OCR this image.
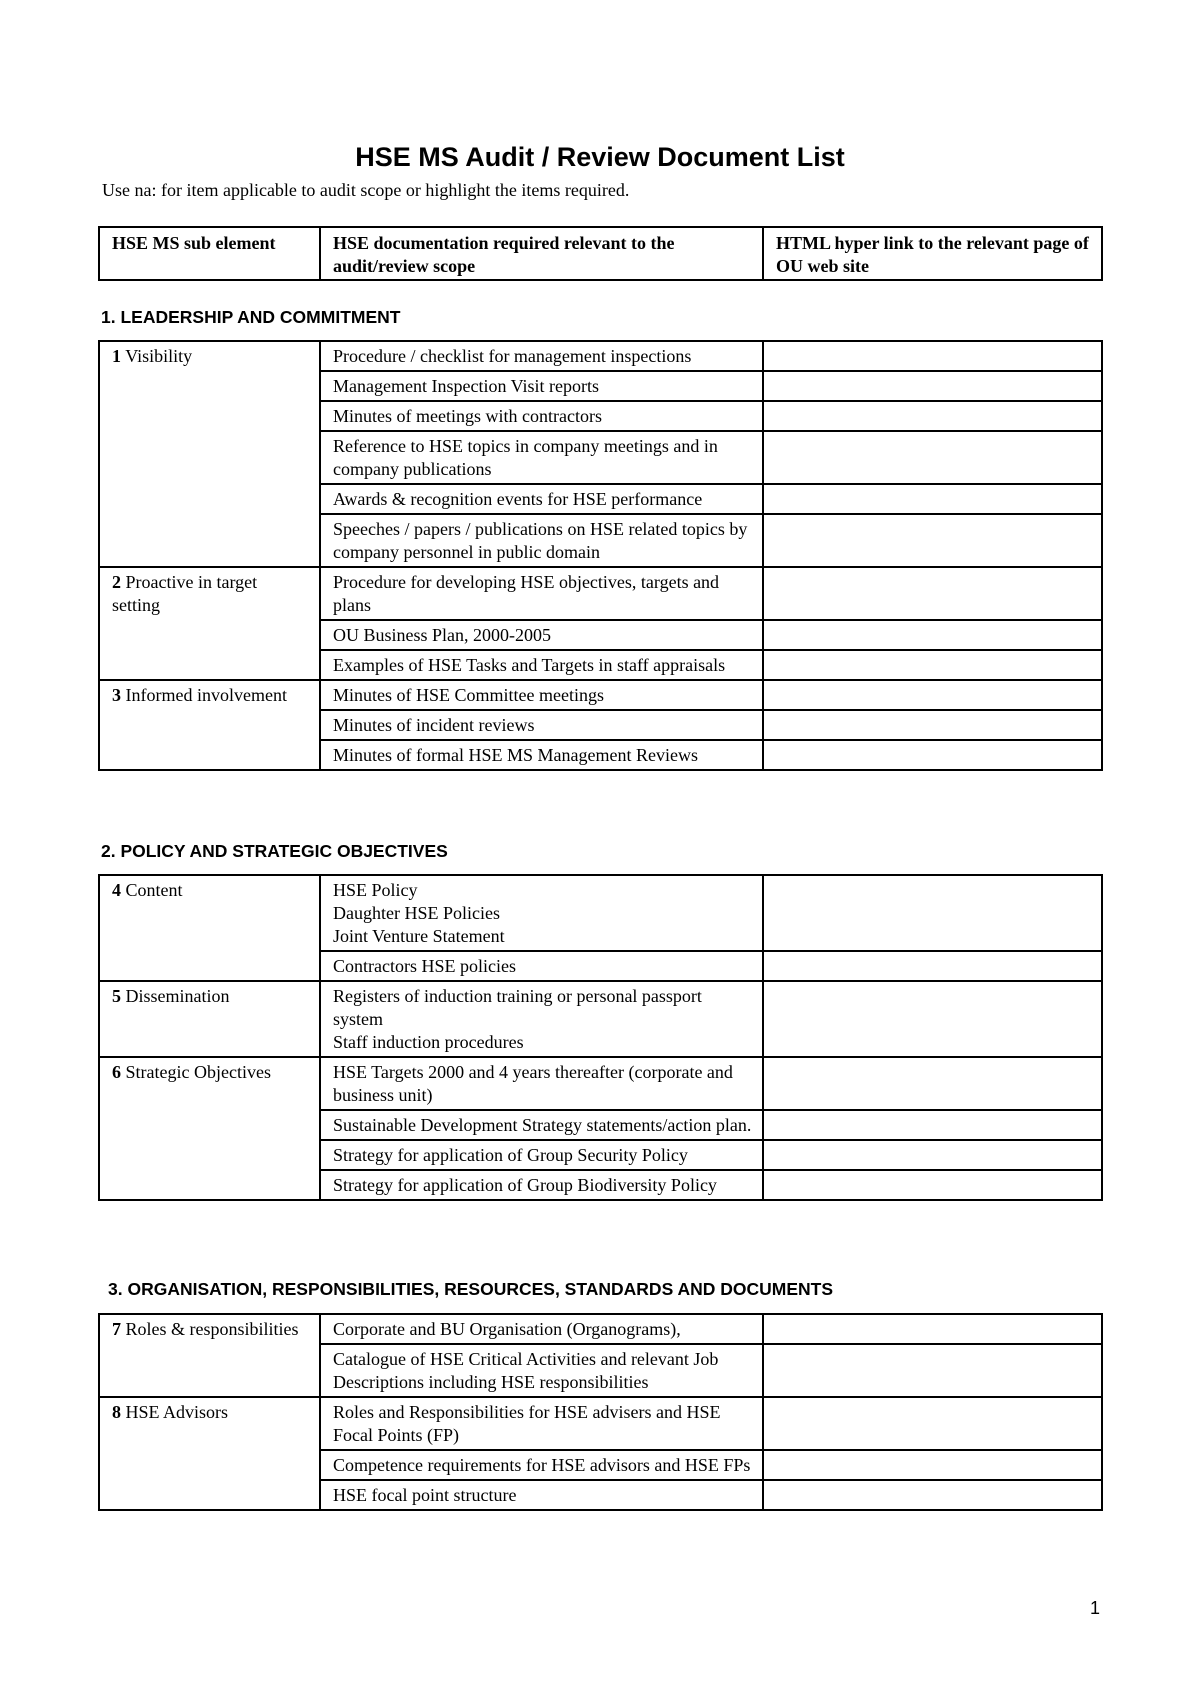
HSE MS Audit / Review Document List

Use na: for item applicable to audit scope or highlight the items required.

HSE MS sub element	HSE documentation required relevant to the audit/review scope	HTML hyper link to the relevant page of OU web site
1. LEADERSHIP AND COMMITMENT
1 Visibility	Procedure / checklist for management inspections	

	Management Inspection Visit reports	

	Minutes of meetings with contractors	

	Reference to HSE topics in company meetings and in company publications	

	Awards & recognition events for HSE performance	

	Speeches / papers / publications on HSE related topics by company personnel in public domain	

2 Proactive in target setting	Procedure for developing HSE objectives, targets and plans	

	OU Business Plan, 2000-2005	

	Examples of HSE Tasks and Targets in staff appraisals	

3 Informed involvement	Minutes of HSE Committee meetings	

	Minutes of incident reviews	

	Minutes of formal HSE MS Management Reviews	

2. POLICY AND STRATEGIC OBJECTIVES
4 Content	HSE Policy
Daughter HSE Policies
Joint Venture Statement	

	Contractors HSE policies	

5 Dissemination	Registers of induction training or personal passport system
Staff induction procedures	

6 Strategic Objectives	HSE Targets 2000 and 4 years thereafter (corporate and business unit)	

	Sustainable Development Strategy statements/action plan.	

	Strategy for application of Group Security Policy	

	Strategy for application of Group Biodiversity Policy	

3. ORGANISATION, RESPONSIBILITIES, RESOURCES, STANDARDS AND DOCUMENTS
7 Roles & responsibilities	Corporate and BU Organisation (Organograms),	

	Catalogue of HSE Critical Activities and relevant Job Descriptions including HSE responsibilities	

8 HSE Advisors	Roles and Responsibilities for HSE advisers and HSE Focal Points (FP)	

	Competence requirements for HSE advisors and HSE FPs	

	HSE focal point structure	

1
